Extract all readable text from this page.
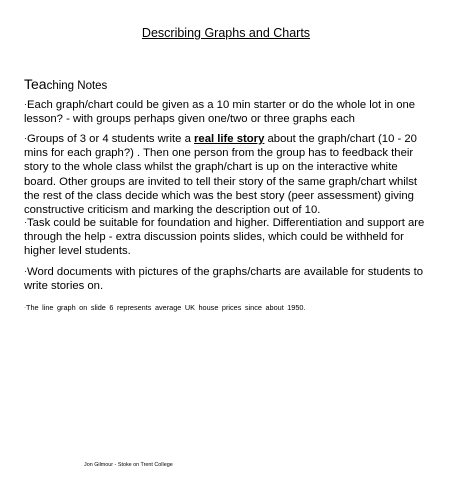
Describing Graphs and Charts
Teaching Notes

·Each graph/chart could be given as a 10 min starter or do the whole lot in one lesson? - with groups perhaps given one/two or three graphs each

·Groups of 3 or 4 students write a real life story about the graph/chart (10 - 20 mins for each graph?) . Then one person from the group has to feedback their story to the whole class whilst the graph/chart is up on the interactive white board. Other groups are invited to tell their story of the same graph/chart whilst the rest of the class decide which was the best story (peer assessment) giving constructive criticism and marking the description out of 10.

·Task could be suitable for foundation and higher. Differentiation and support are through the help - extra discussion points slides, which could be withheld for higher level students.

·Word documents with pictures of the graphs/charts are available for students to write stories on.

·The line graph on slide 6 represents average UK house prices since about 1950.

Jon Gilmour - Stoke on Trent College
